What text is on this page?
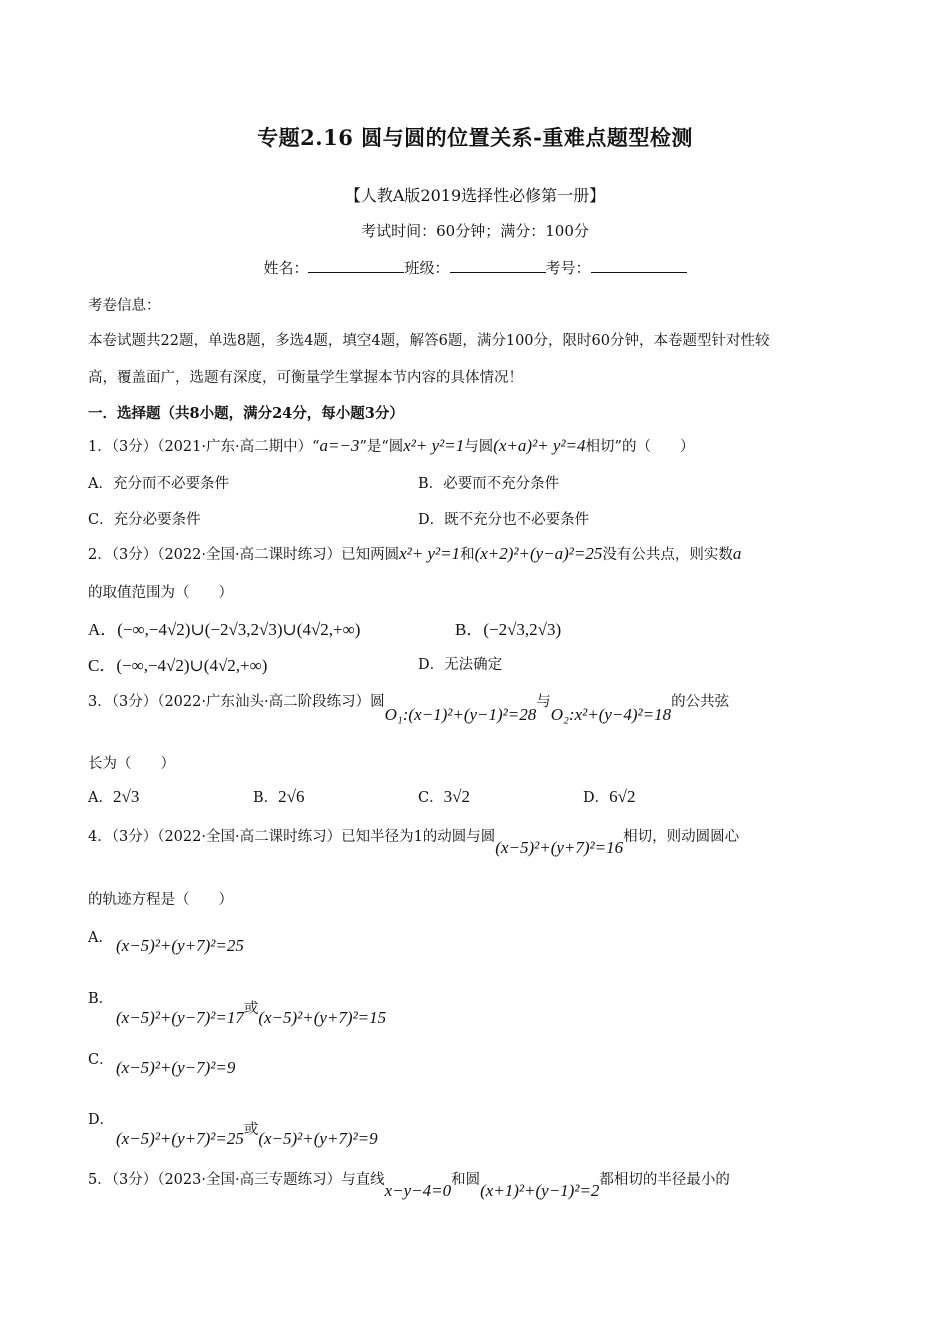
专题2.16 圆与圆的位置关系-重难点题型检测
【人教A版2019选择性必修第一册】
考试时间：60分钟；满分：100分
姓名：	班级：	考号：
考卷信息：
本卷试题共22题，单选8题，多选4题，填空4题，解答6题，满分100分，限时60分钟，本卷题型针对性较
高，覆盖面广，选题有深度，可衡量学生掌握本节内容的具体情况！
一．选择题（共8小题，满分24分，每小题3分）
1．（3分）（2021·广东·高二期中）“a=−3”是“圆x²+ y²=1与圆(x+a)²+ y²=4相切”的（　　）
A．充分而不必要条件	B．必要而不充分条件
C．充分必要条件	D．既不充分也不必要条件
2．（3分）（2022·全国·高二课时练习）已知两圆x²+ y²=1和(x+2)²+(y−a)²=25没有公共点，则实数a
的取值范围为（　　）
A．(−∞,−4√2)∪(−2√3,2√3)∪(4√2,+∞)	B．(−2√3,2√3)
C．(−∞,−4√2)∪(4√2,+∞)	D．无法确定
3．（3分）（2022·广东汕头·高二阶段练习）圆O₁:(x−1)²+(y−1)²=28与O₂:x²+(y−4)²=18的公共弦
长为（　　）
A．2√3	B．2√6	C．3√2	D．6√2
4．（3分）（2022·全国·高二课时练习）已知半径为1的动圆与圆(x−5)²+(y+7)²=16相切，则动圆圆心
的轨迹方程是（　　）
A． (x−5)²+(y+7)²=25
B．
(x−5)²+(y−7)²=17或(x−5)²+(y+7)²=15
C． (x−5)²+(y−7)²=9
D．
(x−5)²+(y+7)²=25或(x−5)²+(y+7)²=9
5．（3分）（2023·全国·高三专题练习）与直线x−y−4=0和圆(x+1)²+(y−1)²=2都相切的半径最小的
